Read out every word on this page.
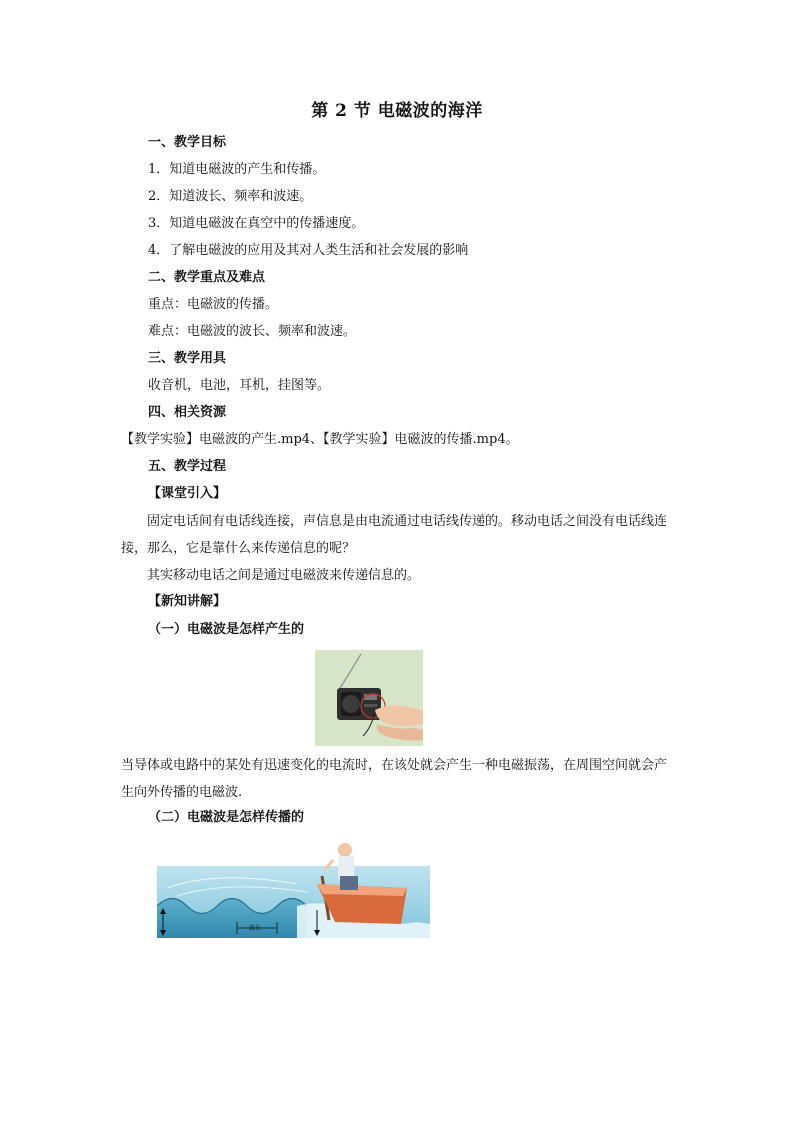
第 2 节 电磁波的海洋
一、教学目标
1．知道电磁波的产生和传播。
2．知道波长、频率和波速。
3．知道电磁波在真空中的传播速度。
4．了解电磁波的应用及其对人类生活和社会发展的影响
二、教学重点及难点
重点：电磁波的传播。
难点：电磁波的波长、频率和波速。
三、教学用具
收音机，电池，耳机，挂图等。
四、相关资源
【教学实验】电磁波的产生.mp4、【教学实验】电磁波的传播.mp4。
五、教学过程
【课堂引入】
固定电话间有电话线连接，声信息是由电流通过电话线传递的。移动电话之间没有电话线连接，那么，它是靠什么来传递信息的呢？
其实移动电话之间是通过电磁波来传递信息的。
【新知讲解】
（一）电磁波是怎样产生的
当导体或电路中的某处有迅速变化的电流时，在该处就会产生一种电磁振荡，在周围空间就会产生向外传播的电磁波.
（二）电磁波是怎样传播的
波长
